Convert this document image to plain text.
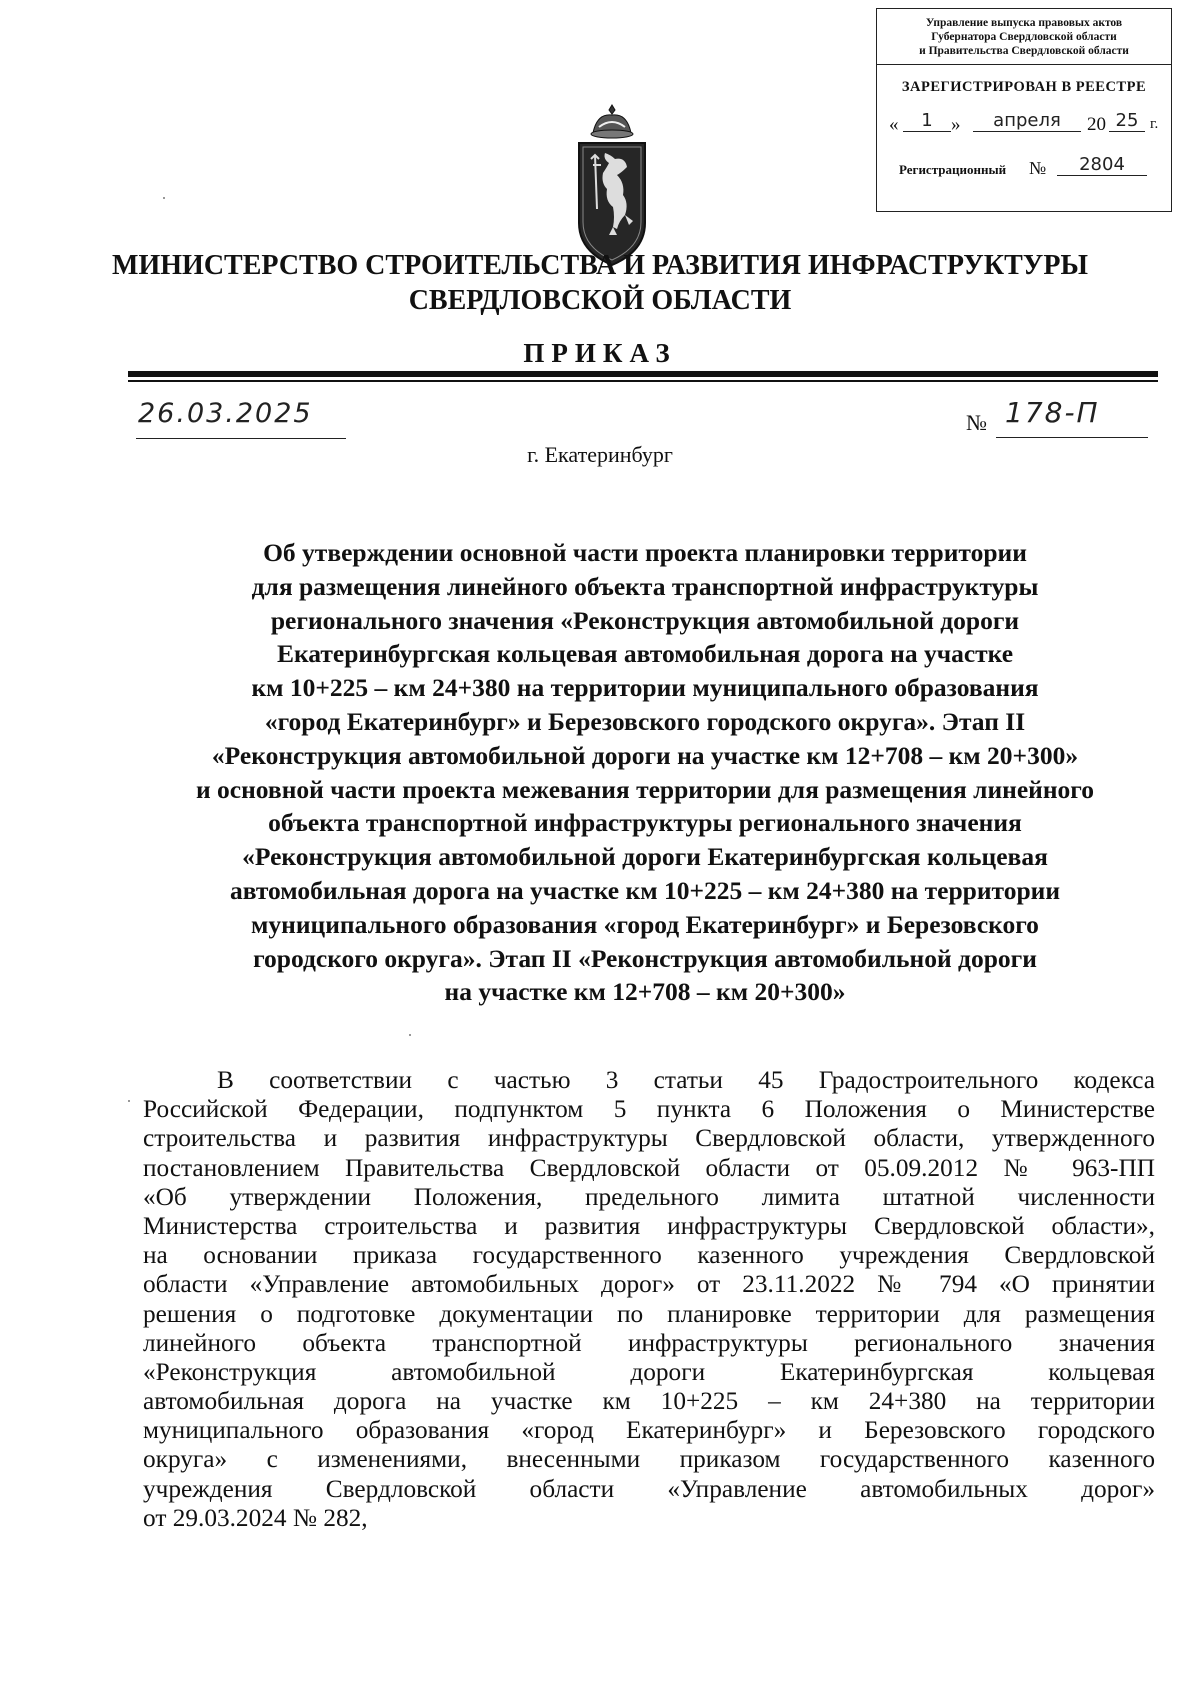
Управление выпуска правовых актов
Губернатора Свердловской области
и Правительства Свердловской области
ЗАРЕГИСТРИРОВАН В РЕЕСТРЕ
«	1 »	апреля	20 25 г.
Регистрационный №	2804
МИНИСТЕРСТВО СТРОИТЕЛЬСТВА И РАЗВИТИЯ ИНФРАСТРУКТУРЫ
СВЕРДЛОВСКОЙ ОБЛАСТИ
ПРИКАЗ
26.03.2025	№ 178-П
г. Екатеринбург
Об утверждении основной части проекта планировки территории
для размещения линейного объекта транспортной инфраструктуры
регионального значения «Реконструкция автомобильной дороги
Екатеринбургская кольцевая автомобильная дорога на участке
км 10+225 – км 24+380 на территории муниципального образования
«город Екатеринбург» и Березовского городского округа». Этап II
«Реконструкция автомобильной дороги на участке км 12+708 – км 20+300»
и основной части проекта межевания территории для размещения линейного
объекта транспортной инфраструктуры регионального значения
«Реконструкция автомобильной дороги Екатеринбургская кольцевая
автомобильная дорога на участке км 10+225 – км 24+380 на территории
муниципального образования «город Екатеринбург» и Березовского
городского округа». Этап II «Реконструкция автомобильной дороги
на участке км 12+708 – км 20+300»
В соответствии с частью 3 статьи 45 Градостроительного кодекса
Российской Федерации, подпунктом 5 пункта 6 Положения о Министерстве
строительства и развития инфраструктуры Свердловской области, утвержденного
постановлением Правительства Свердловской области от 05.09.2012 № 963-ПП
«Об утверждении Положения, предельного лимита штатной численности
Министерства строительства и развития инфраструктуры Свердловской области»,
на основании приказа государственного казенного учреждения Свердловской
области «Управление автомобильных дорог» от 23.11.2022 № 794 «О принятии
решения о подготовке документации по планировке территории для размещения
линейного объекта транспортной инфраструктуры регионального значения
«Реконструкция автомобильной дороги Екатеринбургская кольцевая
автомобильная дорога на участке км 10+225 – км 24+380 на территории
муниципального образования «город Екатеринбург» и Березовского городского
округа» с изменениями, внесенными приказом государственного казенного
учреждения Свердловской области «Управление автомобильных дорог»
от 29.03.2024 № 282,
